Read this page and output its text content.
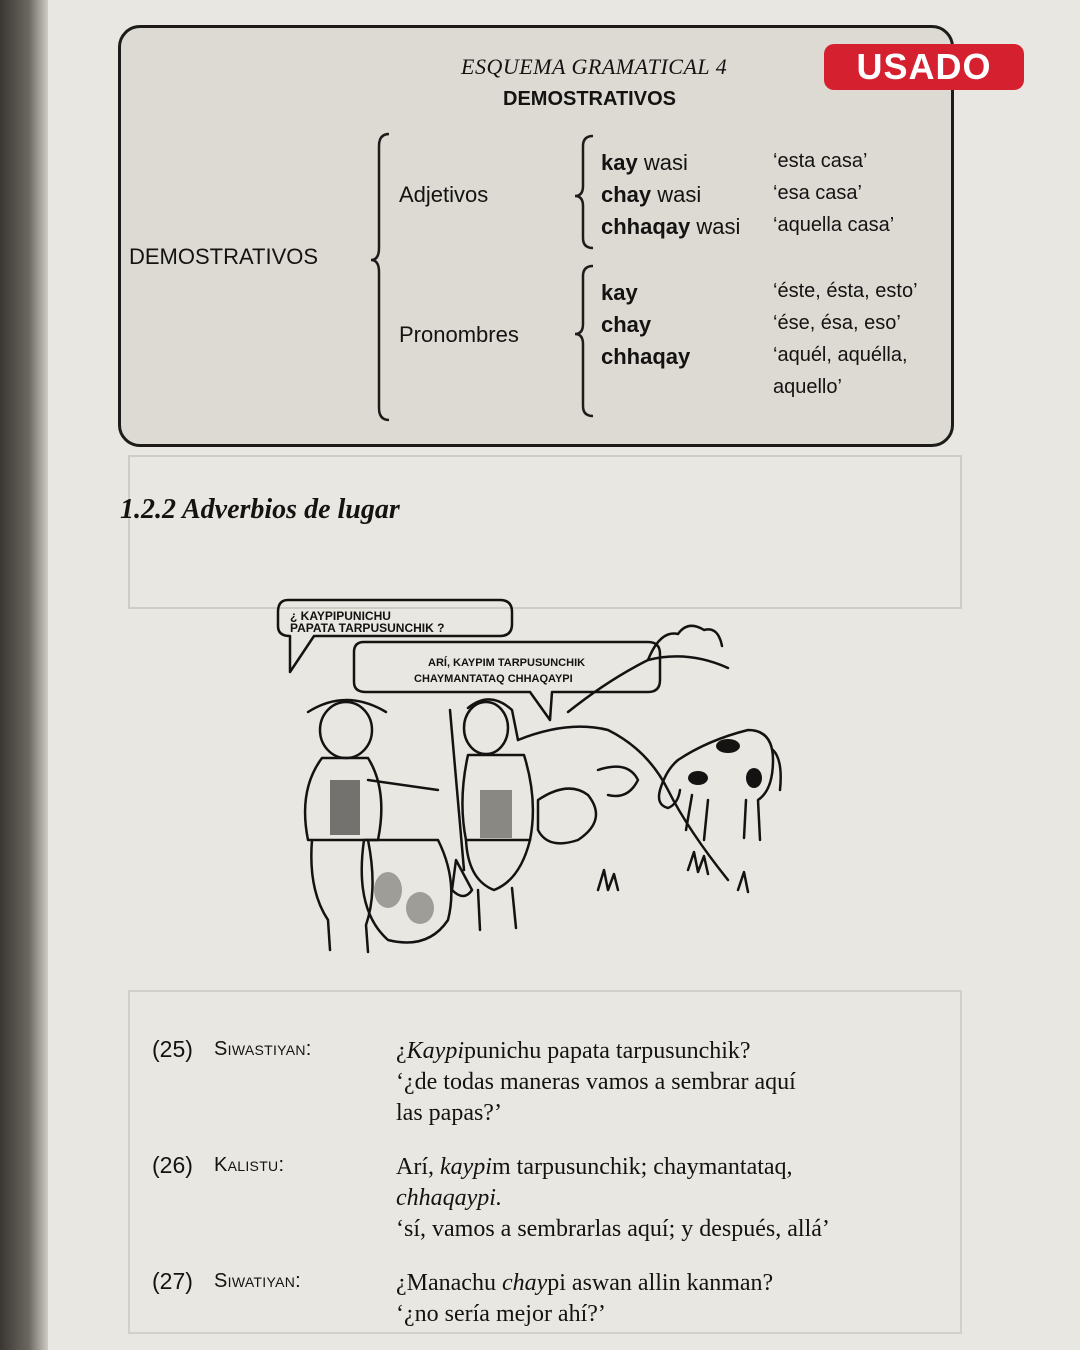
ESQUEMA GRAMATICAL 4
DEMOSTRATIVOS
DEMOSTRATIVOS
Adjetivos
Pronombres
kay wasi	‘esta casa’
chay wasi	‘esa casa’
chhaqay wasi ‘aquella casa’
kay	‘éste, ésta, esto’
chay	‘ése, ésa, eso’
chhaqay	‘aquél, aquélla,
aquello’
USADO
1.2.2 Adverbios de lugar
¿ KAYPIPUNICHU
PAPATA TARPUSUNCHIK ?
ARÍ, KAYPIM TARPUSUNCHIK
CHAYMANTATAQ CHHAQAYPI
(25) Siwastiyan:	¿Kaypipunichu papata tarpusunchik?
‘¿de todas maneras vamos a sembrar aquí
las papas?’
(26) Kalistu:	Arí, kaypim tarpusunchik; chaymantataq,
chhaqaypi.
‘sí, vamos a sembrarlas aquí; y después, allá’
(27) Siwatiyan:	¿Manachu chaypi aswan allin kanman?
‘¿no sería mejor ahí?’
